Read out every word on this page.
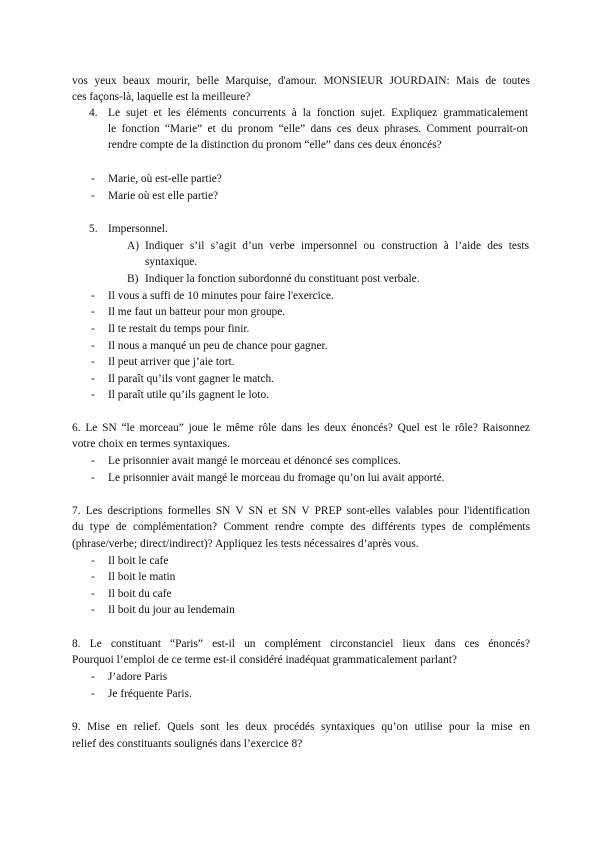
vos yeux beaux mourir, belle Marquise, d'amour. MONSIEUR JOURDAIN: Mais de toutes
ces façons-là, laquelle est la meilleure?
4. Le sujet et les éléments concurrents à la fonction sujet. Expliquez grammaticalement
le fonction “Marie” et du pronom “elle” dans ces deux phrases. Comment pourrait-on
rendre compte de la distinction du pronom “elle” dans ces deux énoncés?
- Marie, où est-elle partie?
- Marie où est elle partie?
5. Impersonnel.
A) Indiquer s’il s’agit d’un verbe impersonnel ou construction à l’aide des tests
syntaxique.
B) Indiquer la fonction subordonné du constituant post verbale.
- Il vous a suffi de 10 minutes pour faire l'exercice.
- Il me faut un batteur pour mon groupe.
- Il te restait du temps pour finir.
- Il nous a manqué un peu de chance pour gagner.
- Il peut arriver que j’aie tort.
- Il paraît qu’ils vont gagner le match.
- Il paraît utile qu’ils gagnent le loto.
6. Le SN “le morceau” joue le même rôle dans les deux énoncés? Quel est le rôle? Raisonnez
votre choix en termes syntaxiques.
- Le prisonnier avait mangé le morceau et dénoncé ses complices.
- Le prisonnier avait mangé le morceau du fromage qu’on lui avait apporté.
7. Les descriptions formelles SN V SN et SN V PREP sont-elles valables pour l'identification
du type de complémentation? Comment rendre compte des différents types de compléments
(phrase/verbe; direct/indirect)? Appliquez les tests nécessaires d’après vous.
- Il boit le cafe
- Il boit le matin
- Il boit du cafe
- Il boit du jour au lendemain
8. Le constituant “Paris” est-il un complément circonstanciel lieux dans ces énoncés?
Pourquoi l’emploi de ce terme est-il considéré inadéquat grammaticalement parlant?
- J’adore Paris
- Je fréquente Paris.
9. Mise en relief. Quels sont les deux procédés syntaxiques qu’on utilise pour la mise en
relief des constituants soulignés dans l’exercice 8?
